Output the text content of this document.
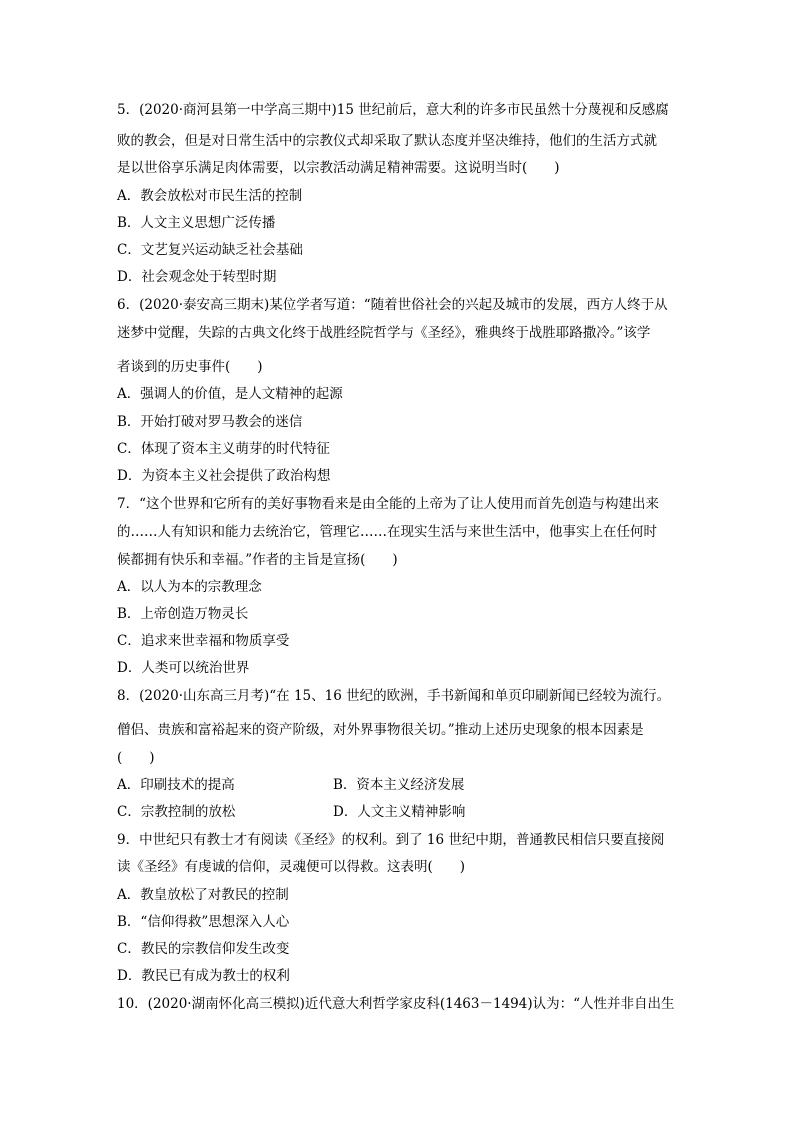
5．(2020·商河县第一中学高三期中)15 世纪前后，意大利的许多市民虽然十分蔑视和反感腐
败的教会，但是对日常生活中的宗教仪式却采取了默认态度并坚决维持，他们的生活方式就
是以世俗享乐满足肉体需要，以宗教活动满足精神需要。这说明当时(　　)
A．教会放松对市民生活的控制
B．人文主义思想广泛传播
C．文艺复兴运动缺乏社会基础
D．社会观念处于转型时期
6．(2020·泰安高三期末)某位学者写道：“随着世俗社会的兴起及城市的发展，西方人终于从
迷梦中觉醒，失踪的古典文化终于战胜经院哲学与《圣经》，雅典终于战胜耶路撒冷。”该学
者谈到的历史事件(　　)
A．强调人的价值，是人文精神的起源
B．开始打破对罗马教会的迷信
C．体现了资本主义萌芽的时代特征
D．为资本主义社会提供了政治构想
7．“这个世界和它所有的美好事物看来是由全能的上帝为了让人使用而首先创造与构建出来
的……人有知识和能力去统治它，管理它……在现实生活与来世生活中，他事实上在任何时
候都拥有快乐和幸福。”作者的主旨是宣扬(　　)
A．以人为本的宗教理念
B．上帝创造万物灵长
C．追求来世幸福和物质享受
D．人类可以统治世界
8．(2020·山东高三月考)“在 15、16 世纪的欧洲，手书新闻和单页印刷新闻已经较为流行。
僧侣、贵族和富裕起来的资产阶级，对外界事物很关切。”推动上述历史现象的根本因素是
(　　)
A．印刷技术的提高	B．资本主义经济发展
C．宗教控制的放松	D．人文主义精神影响
9．中世纪只有教士才有阅读《圣经》的权利。到了 16 世纪中期，普通教民相信只要直接阅
读《圣经》有虔诚的信仰，灵魂便可以得救。这表明(　　)
A．教皇放松了对教民的控制
B．“信仰得救”思想深入人心
C．教民的宗教信仰发生改变
D．教民已有成为教士的权利
10．(2020·湖南怀化高三模拟)近代意大利哲学家皮科(1463－1494)认为：“人性并非自出生
